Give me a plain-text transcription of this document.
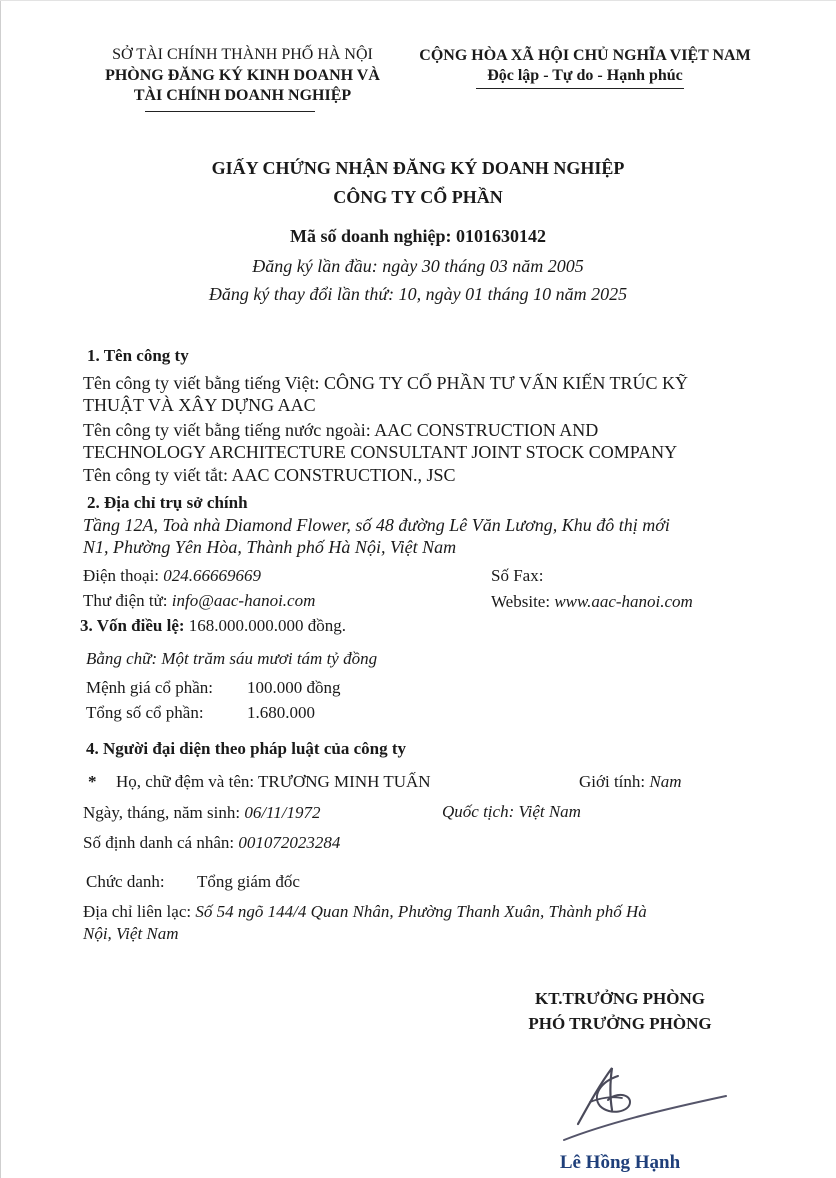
SỞ TÀI CHÍNH THÀNH PHỐ HÀ NỘI
PHÒNG ĐĂNG KÝ KINH DOANH VÀ
TÀI CHÍNH DOANH NGHIỆP
CỘNG HÒA XÃ HỘI CHỦ NGHĨA VIỆT NAM
Độc lập - Tự do - Hạnh phúc
GIẤY CHỨNG NHẬN ĐĂNG KÝ DOANH NGHIỆP
CÔNG TY CỔ PHẦN
Mã số doanh nghiệp: 0101630142
Đăng ký lần đầu: ngày 30 tháng 03 năm 2005
Đăng ký thay đổi lần thứ: 10, ngày 01 tháng 10 năm 2025
1. Tên công ty
Tên công ty viết bằng tiếng Việt: CÔNG TY CỔ PHẦN TƯ VẤN KIẾN TRÚC KỸ
THUẬT VÀ XÂY DỰNG AAC
Tên công ty viết bằng tiếng nước ngoài: AAC CONSTRUCTION AND
TECHNOLOGY ARCHITECTURE CONSULTANT JOINT STOCK COMPANY
Tên công ty viết tắt: AAC CONSTRUCTION., JSC
2. Địa chỉ trụ sở chính
Tầng 12A, Toà nhà Diamond Flower, số 48 đường Lê Văn Lương, Khu đô thị mới
N1, Phường Yên Hòa, Thành phố Hà Nội, Việt Nam
Điện thoại: 024.66669669	Số Fax:
Thư điện tử: info@aac-hanoi.com	Website: www.aac-hanoi.com
3. Vốn điều lệ: 168.000.000.000 đồng.
Bằng chữ: Một trăm sáu mươi tám tỷ đồng
Mệnh giá cổ phần: 100.000 đồng
Tổng số cổ phần:	1.680.000
4. Người đại diện theo pháp luật của công ty
* Họ, chữ đệm và tên: TRƯƠNG MINH TUẤN	Giới tính: Nam
Ngày, tháng, năm sinh: 06/11/1972	Quốc tịch: Việt Nam
Số định danh cá nhân: 001072023284
Chức danh: Tổng giám đốc
Địa chỉ liên lạc: Số 54 ngõ 144/4 Quan Nhân, Phường Thanh Xuân, Thành phố Hà
Nội, Việt Nam
KT.TRƯỞNG PHÒNG
PHÓ TRƯỞNG PHÒNG
Lê Hồng Hạnh
